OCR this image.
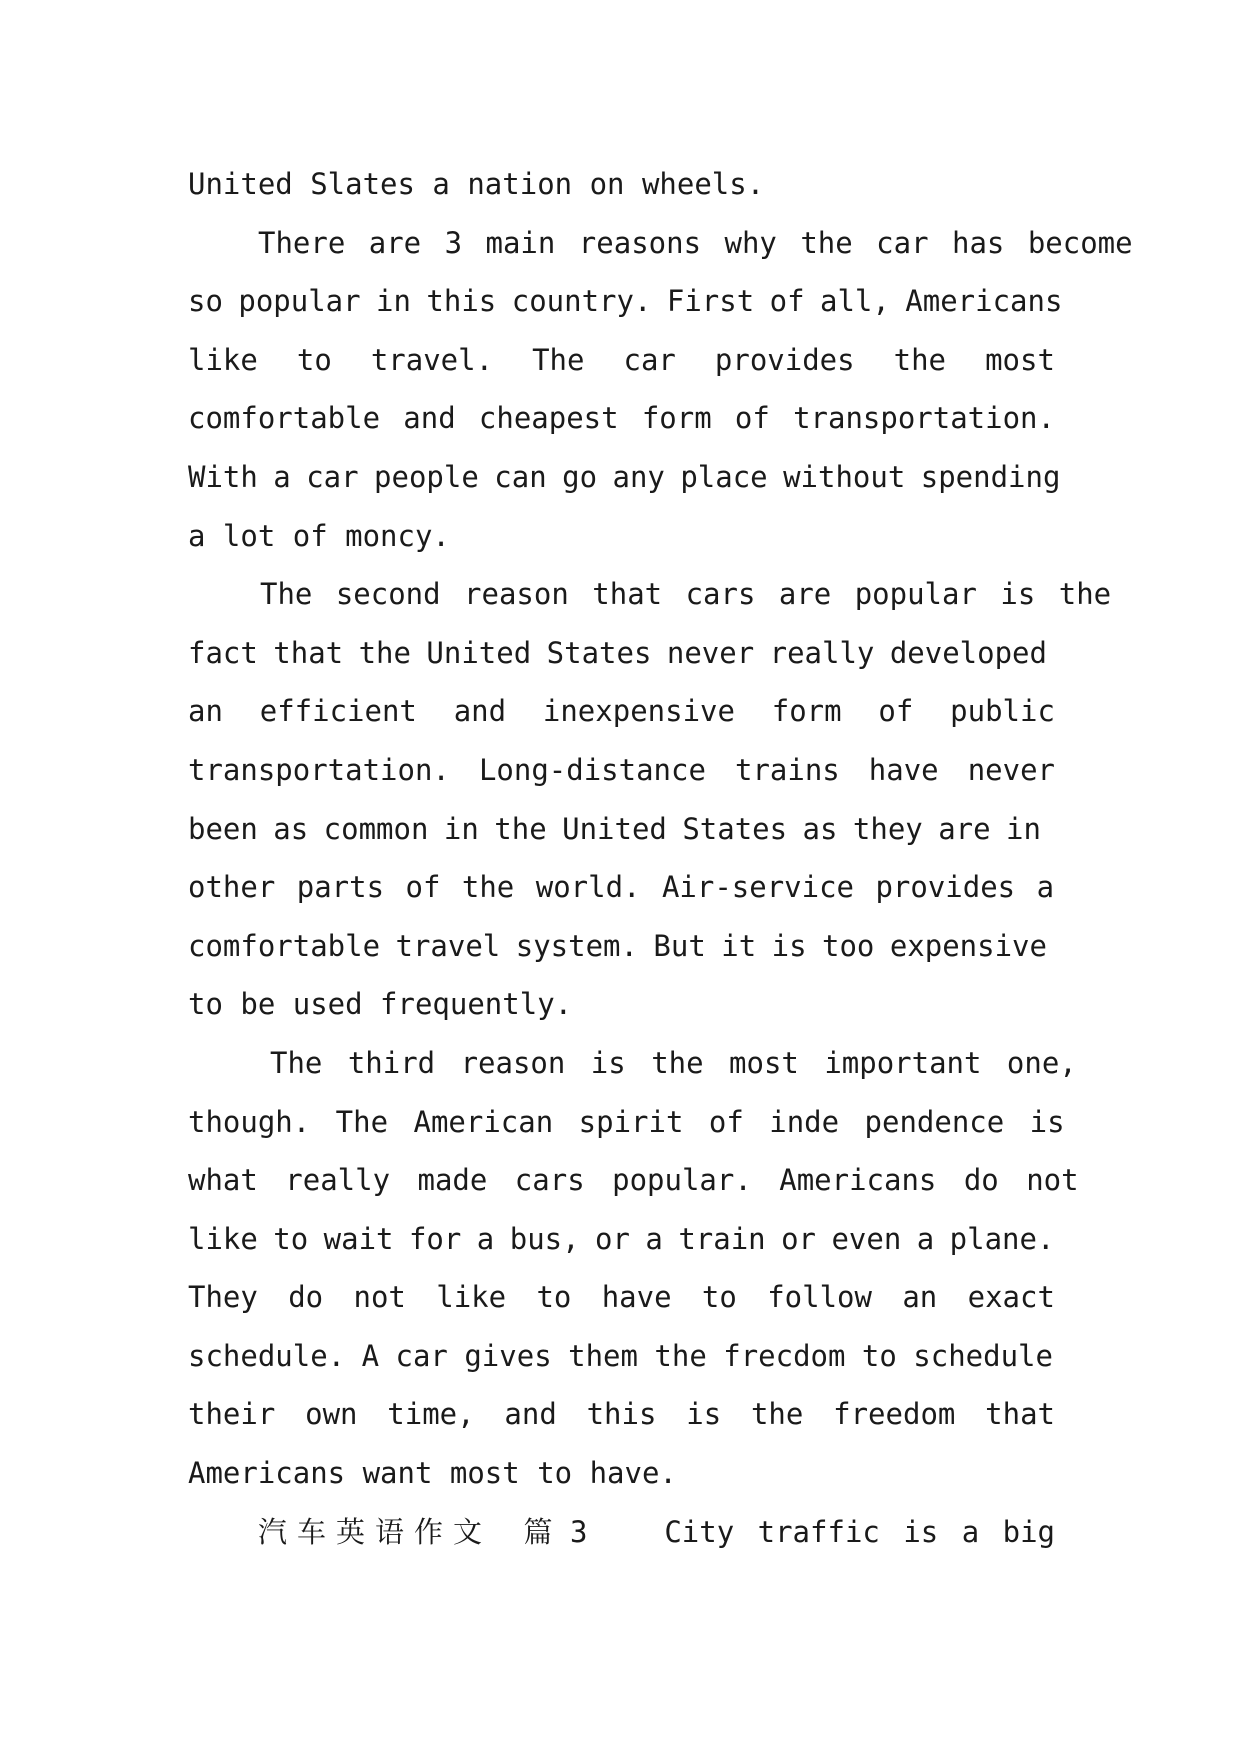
United Slates a nation on wheels.
There are 3 main reasons why the car has become
so popular in this country. First of all, Americans
like to travel. The car provides the most
comfortable and cheapest form of transportation.
With a car people can go any place without spending
a lot of moncy.
The second reason that cars are popular is the
fact that the United States never really developed
an efficient and inexpensive form of public
transportation. Long-distance trains have never
been as common in the United States as they are in
other parts of the world. Air-service provides a
comfortable travel system. But it is too expensive
to be used frequently.
The third reason is the most important one,
though. The American spirit of inde pendence is
what really made cars popular. Americans do not
like to wait for a bus, or a train or even a plane.
They do not like to have to follow an exact
schedule. A car gives them the frecdom to schedule
their own time, and this is the freedom that
Americans want most to have.
汽车英语作文 篇 3	City traffic is a big
